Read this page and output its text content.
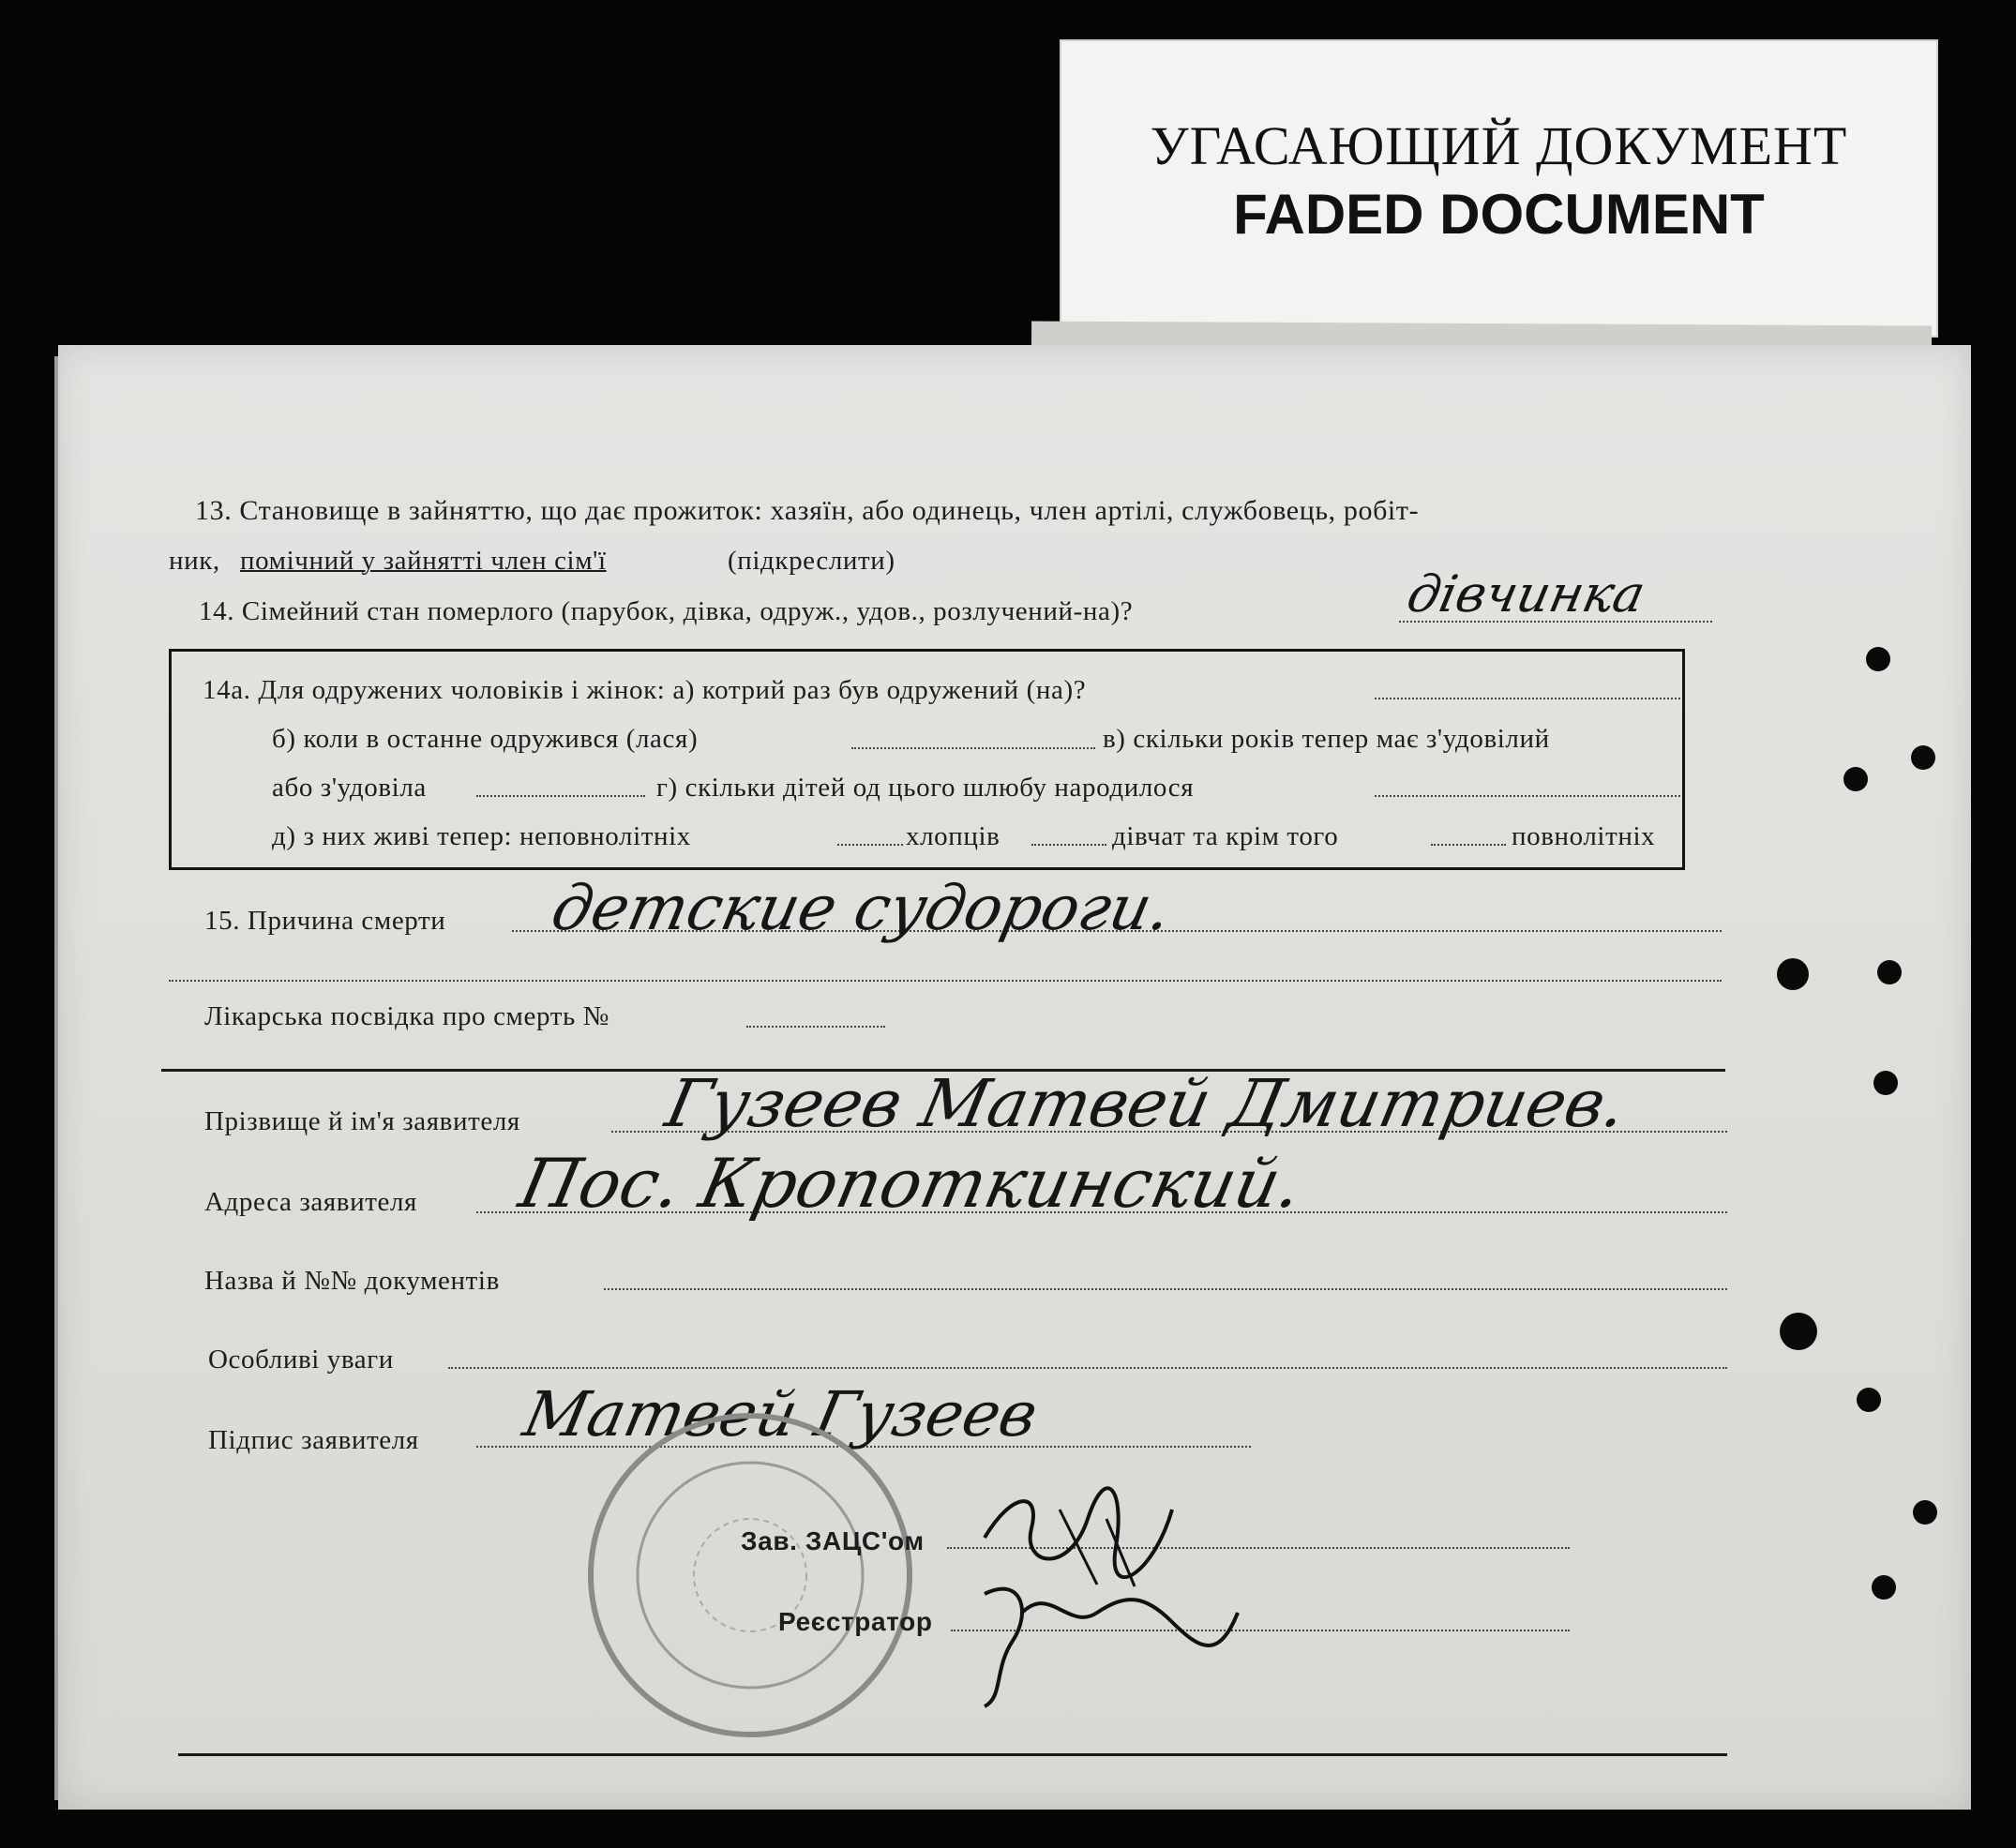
УГАСАЮЩИЙ ДОКУМЕНТ
FADED DOCUMENT
13. Становище в зайняттю, що дає прожиток: хазяїн, або одинець, член артілі, службовець, робіт-
ник, помічний у зайнятті член сім'ї	(підкреслити)
14. Сімейний стан померлого (парубок, дівка, одруж., удов., розлучений-на)?	дівчинка
14а. Для одружених чоловіків і жінок: а) котрий раз був одружений (на)?
б) коли в останне одружився (лася)	в) скільки років тепер має з'удовілий
або з'удовіла	г) скільки дітей од цього шлюбу народилося
д) з них живі тепер: неповнолітніх	хлопців	дівчат та крім того	повнолітніх
15. Причина смерти детские судороги.
Лікарська посвідка про смерть №
Прізвище й ім'я заявителя Гузеев Матвей Дмитриев.
Адреса заявителя Пос. Кропоткинский.
Назва й №№ документів
Особливі уваги
Підпис заявителя Матвей Гузеев
Зав. ЗАЦС'ом
Реєстратор
